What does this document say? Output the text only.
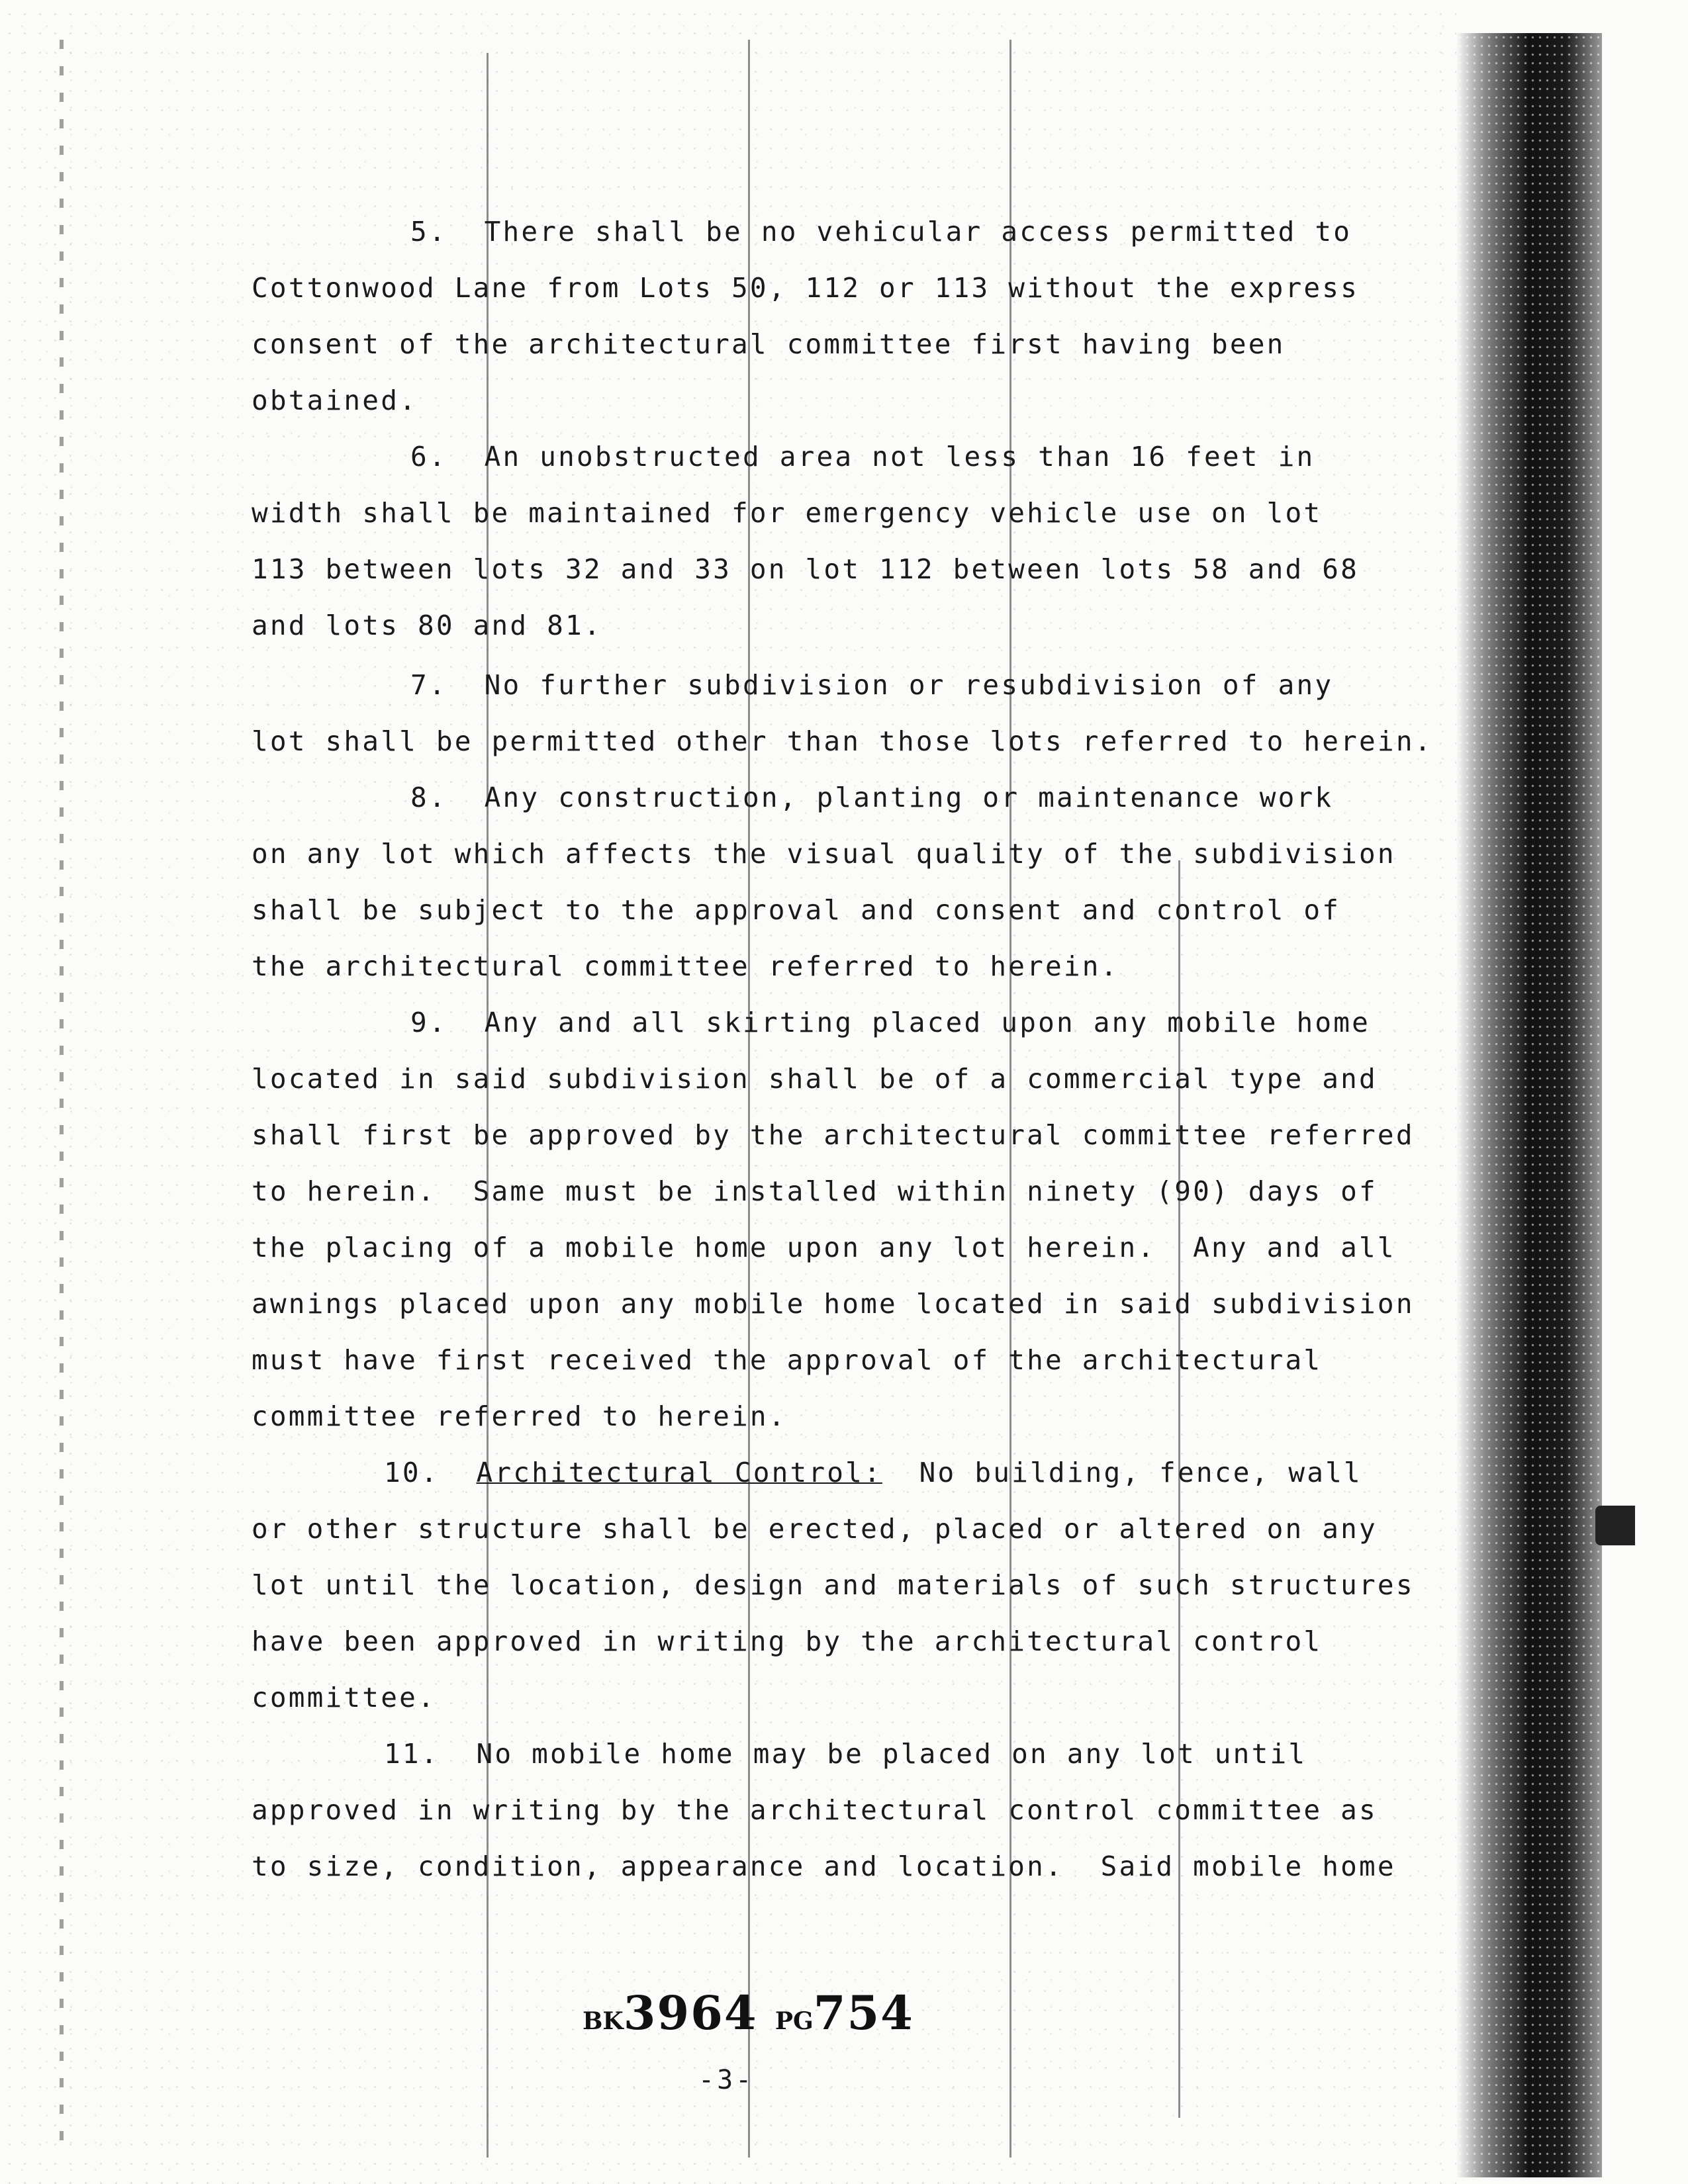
5. There shall be no vehicular access permitted to
Cottonwood Lane from Lots 50, 112 or 113 without the express
consent of the architectural committee first having been
obtained.
6. An unobstructed area not less than 16 feet in
width shall be maintained for emergency vehicle use on lot
113 between lots 32 and 33 on lot 112 between lots 58 and 68
and lots 80 and 81.
7. No further subdivision or resubdivision of any
lot shall be permitted other than those lots referred to herein.
8. Any construction, planting or maintenance work
on any lot which affects the visual quality of the subdivision
shall be subject to the approval and consent and control of
the architectural committee referred to herein.
9. Any and all skirting placed upon any mobile home
located in said subdivision shall be of a commercial type and
shall first be approved by the architectural committee referred
to herein.  Same must be installed within ninety (90) days of
the placing of a mobile home upon any lot herein.  Any and all
awnings placed upon any mobile home located in said subdivision
must have first received the approval of the architectural
committee referred to herein.
10. Architectural Control: No building, fence, wall
or other structure shall be erected, placed or altered on any
lot until the location, design and materials of such structures
have been approved in writing by the architectural control
committee.
11. No mobile home may be placed on any lot until
approved in writing by the architectural control committee as
to size, condition, appearance and location.  Said mobile home
BK3964 PG754
-3-
